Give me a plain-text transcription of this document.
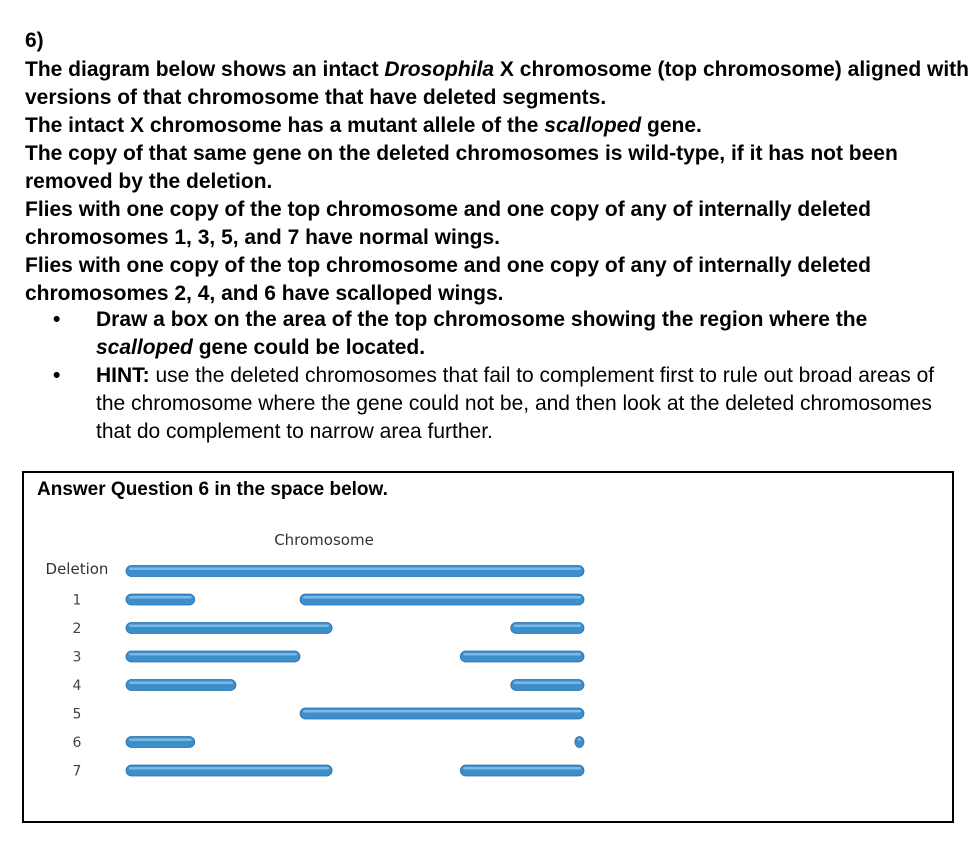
6)

The diagram below shows an intact Drosophila X chromosome (top chromosome) aligned with versions of that chromosome that have deleted segments.

The intact X chromosome has a mutant allele of the scalloped gene.

The copy of that same gene on the deleted chromosomes is wild-type, if it has not been removed by the deletion.

Flies with one copy of the top chromosome and one copy of any of internally deleted chromosomes 1, 3, 5, and 7 have normal wings.

Flies with one copy of the top chromosome and one copy of any of internally deleted chromosomes 2, 4, and 6 have scalloped wings.

• Draw a box on the area of the top chromosome showing the region where the scalloped gene could be located.
• HINT: use the deleted chromosomes that fail to complement first to rule out broad areas of the chromosome where the gene could not be, and then look at the deleted chromosomes that do complement to narrow area further.
Answer Question 6 in the space below.
Chromosome
Deletion
1
2
3
4
5
6
7
